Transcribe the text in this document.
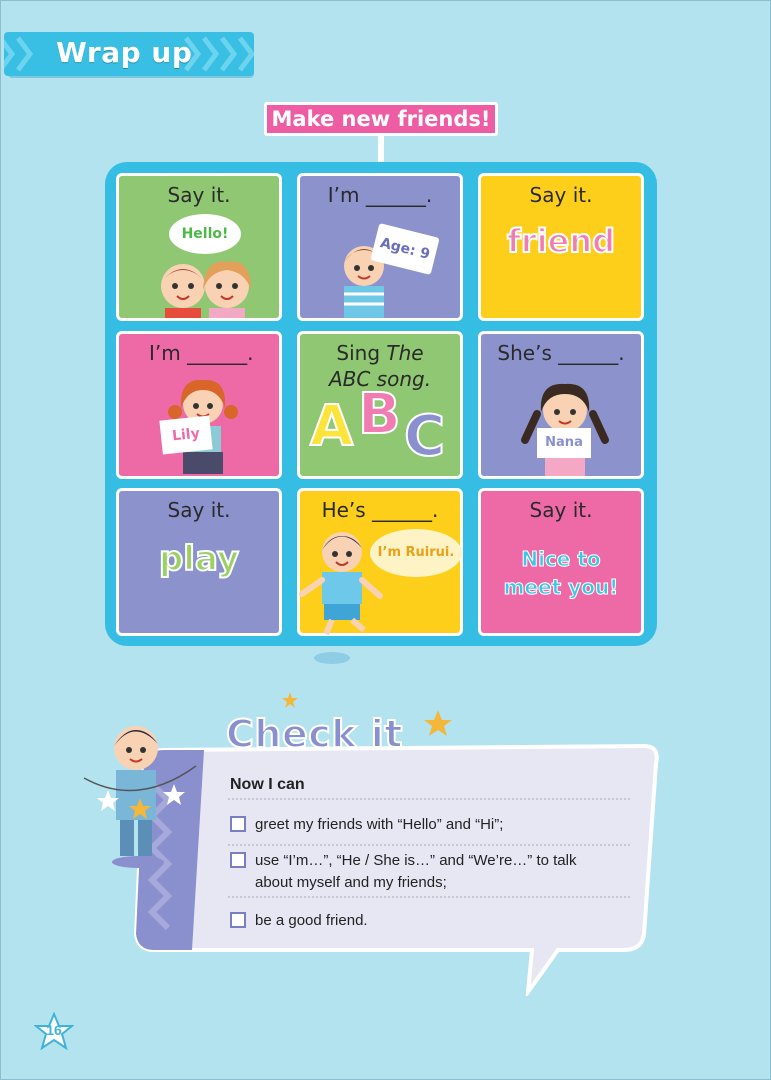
Wrap up
Make new friends!
Say it.
Hello!
I’m ______.
Age: 9
Say it.
friend
I’m ______.
Lily
Sing The
ABC song.
A B C
She’s ______.
Nana
Say it.
play
He’s ______.
I’m Ruirui.
Say it.
Nice to
meet you!
Check it
Now I can
greet my friends with “Hello” and “Hi”;
use “I’m…”, “He / She is…” and “We’re…” to talk
about myself and my friends;
be a good friend.
16
